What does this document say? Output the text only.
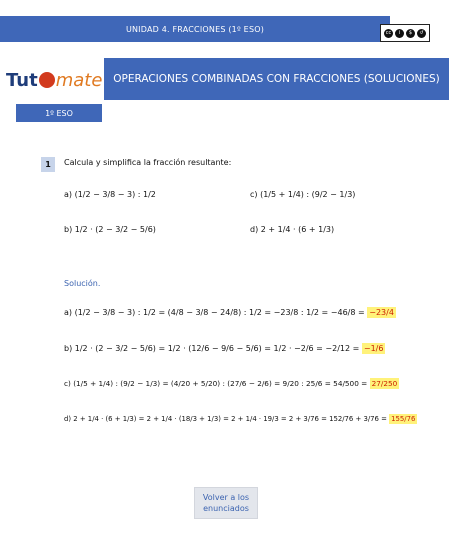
UNIDAD 4. FRACCIONES (1º ESO)	cc	i	$	↺
Tut mate OPERACIONES COMBINADAS CON FRACCIONES (SOLUCIONES)
1º ESO
1	Calcula y simplifica la fracción resultante:
a) (1/2 − 3/8 − 3) : 1/2	c) (1/5 + 1/4) : (9/2 − 1/3)
b) 1/2 · (2 − 3/2 − 5/6)	d) 2 + 1/4 · (6 + 1/3)
Solución.
a) (1/2 − 3/8 − 3) : 1/2 = (4/8 − 3/8 − 24/8) : 1/2 = −23/8 : 1/2 = −46/8 = −23/4
b) 1/2 · (2 − 3/2 − 5/6) = 1/2 · (12/6 − 9/6 − 5/6) = 1/2 · −2/6 = −2/12 = −1/6
c) (1/5 + 1/4) : (9/2 − 1/3) = (4/20 + 5/20) : (27/6 − 2/6) = 9/20 : 25/6 = 54/500 = 27/250
d) 2 + 1/4 · (6 + 1/3) = 2 + 1/4 · (18/3 + 1/3) = 2 + 1/4 · 19/3 = 2 + 3/76 = 152/76 + 3/76 = 155/76
Volver a los enunciados
